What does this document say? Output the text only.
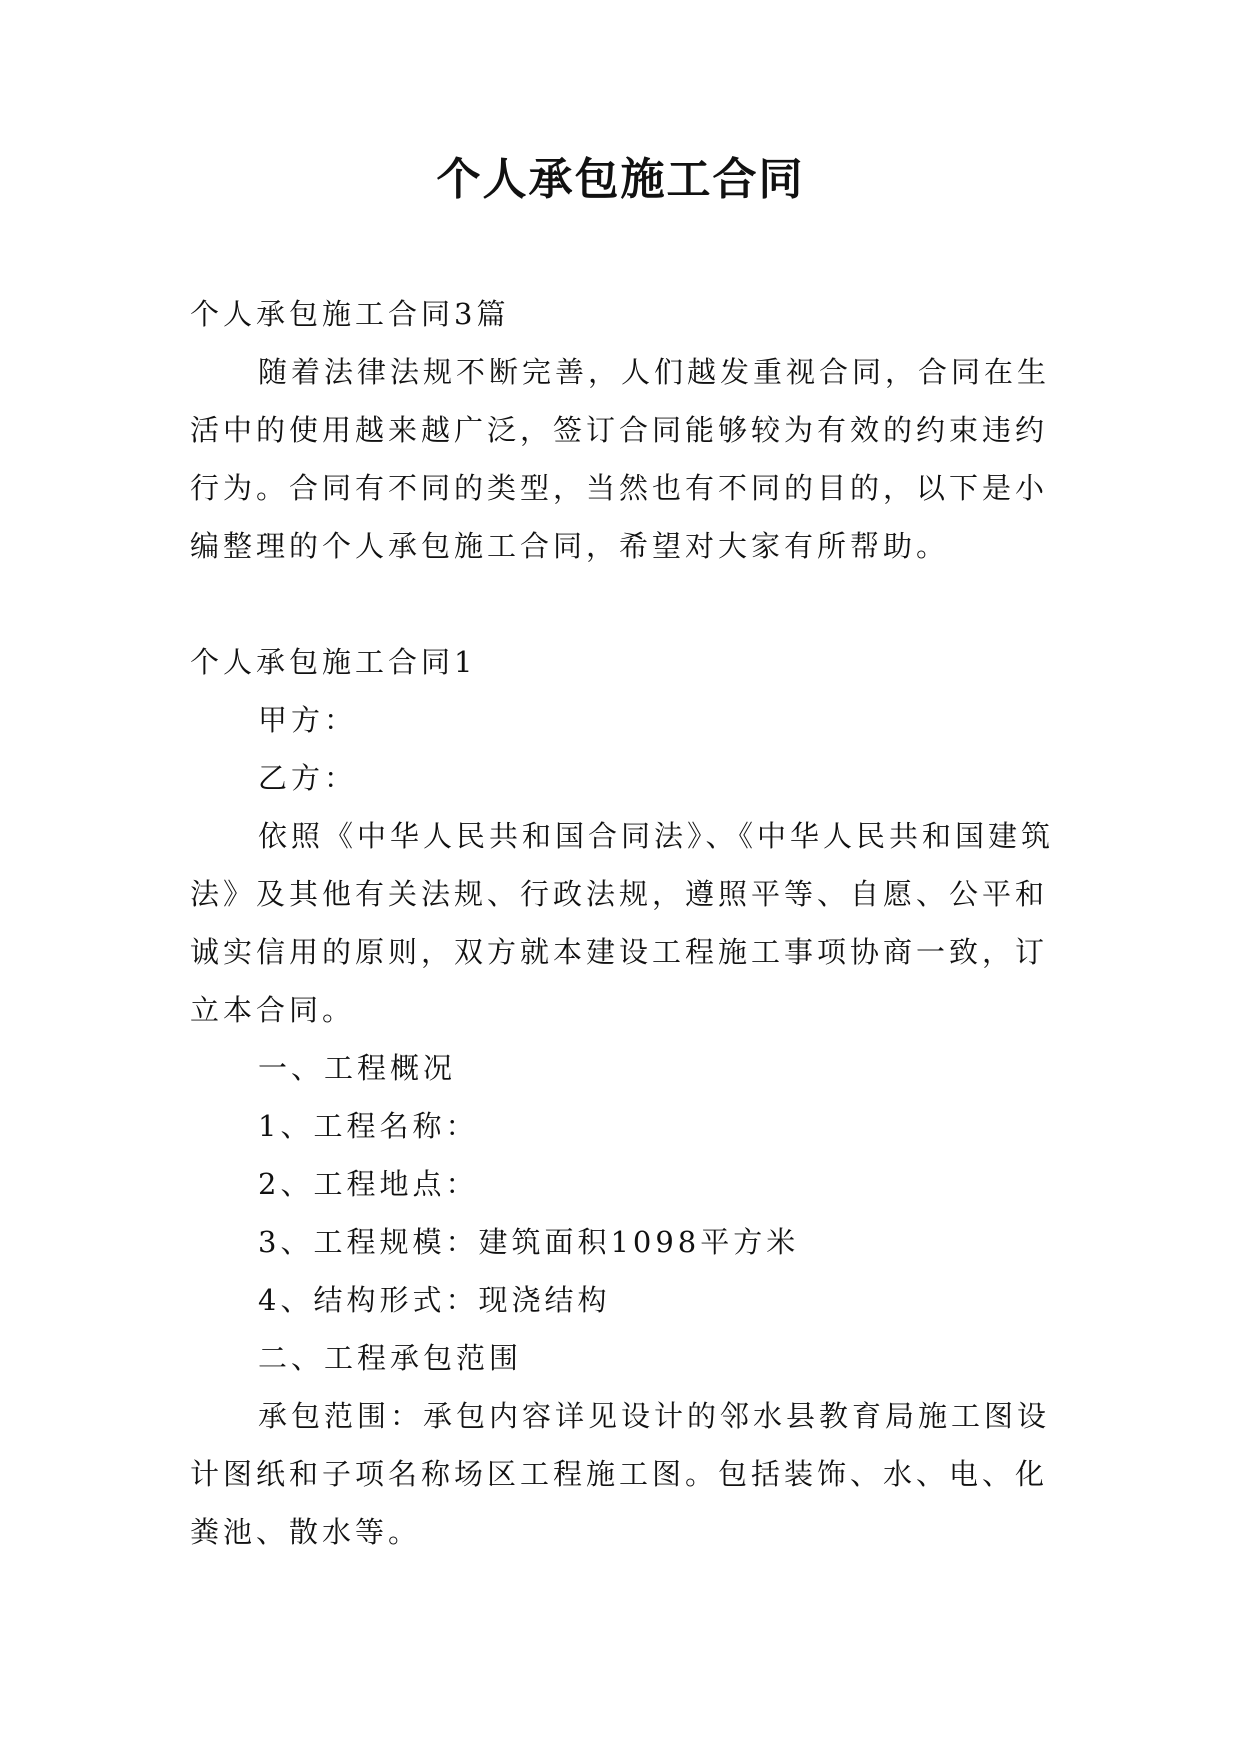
个人承包施工合同

个人承包施工合同3篇

随着法律法规不断完善，人们越发重视合同，合同在生

活中的使用越来越广泛，签订合同能够较为有效的约束违约

行为。合同有不同的类型，当然也有不同的目的，以下是小

编整理的个人承包施工合同，希望对大家有所帮助。

个人承包施工合同1

甲方：

乙方：

依照《中华人民共和国合同法》、《中华人民共和国建筑

法》及其他有关法规、行政法规，遵照平等、自愿、公平和

诚实信用的原则，双方就本建设工程施工事项协商一致，订

立本合同。

一、工程概况

1、工程名称：

2、工程地点：

3、工程规模：建筑面积1098平方米

4、结构形式：现浇结构

二、工程承包范围

承包范围：承包内容详见设计的邻水县教育局施工图设

计图纸和子项名称场区工程施工图。包括装饰、水、电、化

粪池、散水等。
